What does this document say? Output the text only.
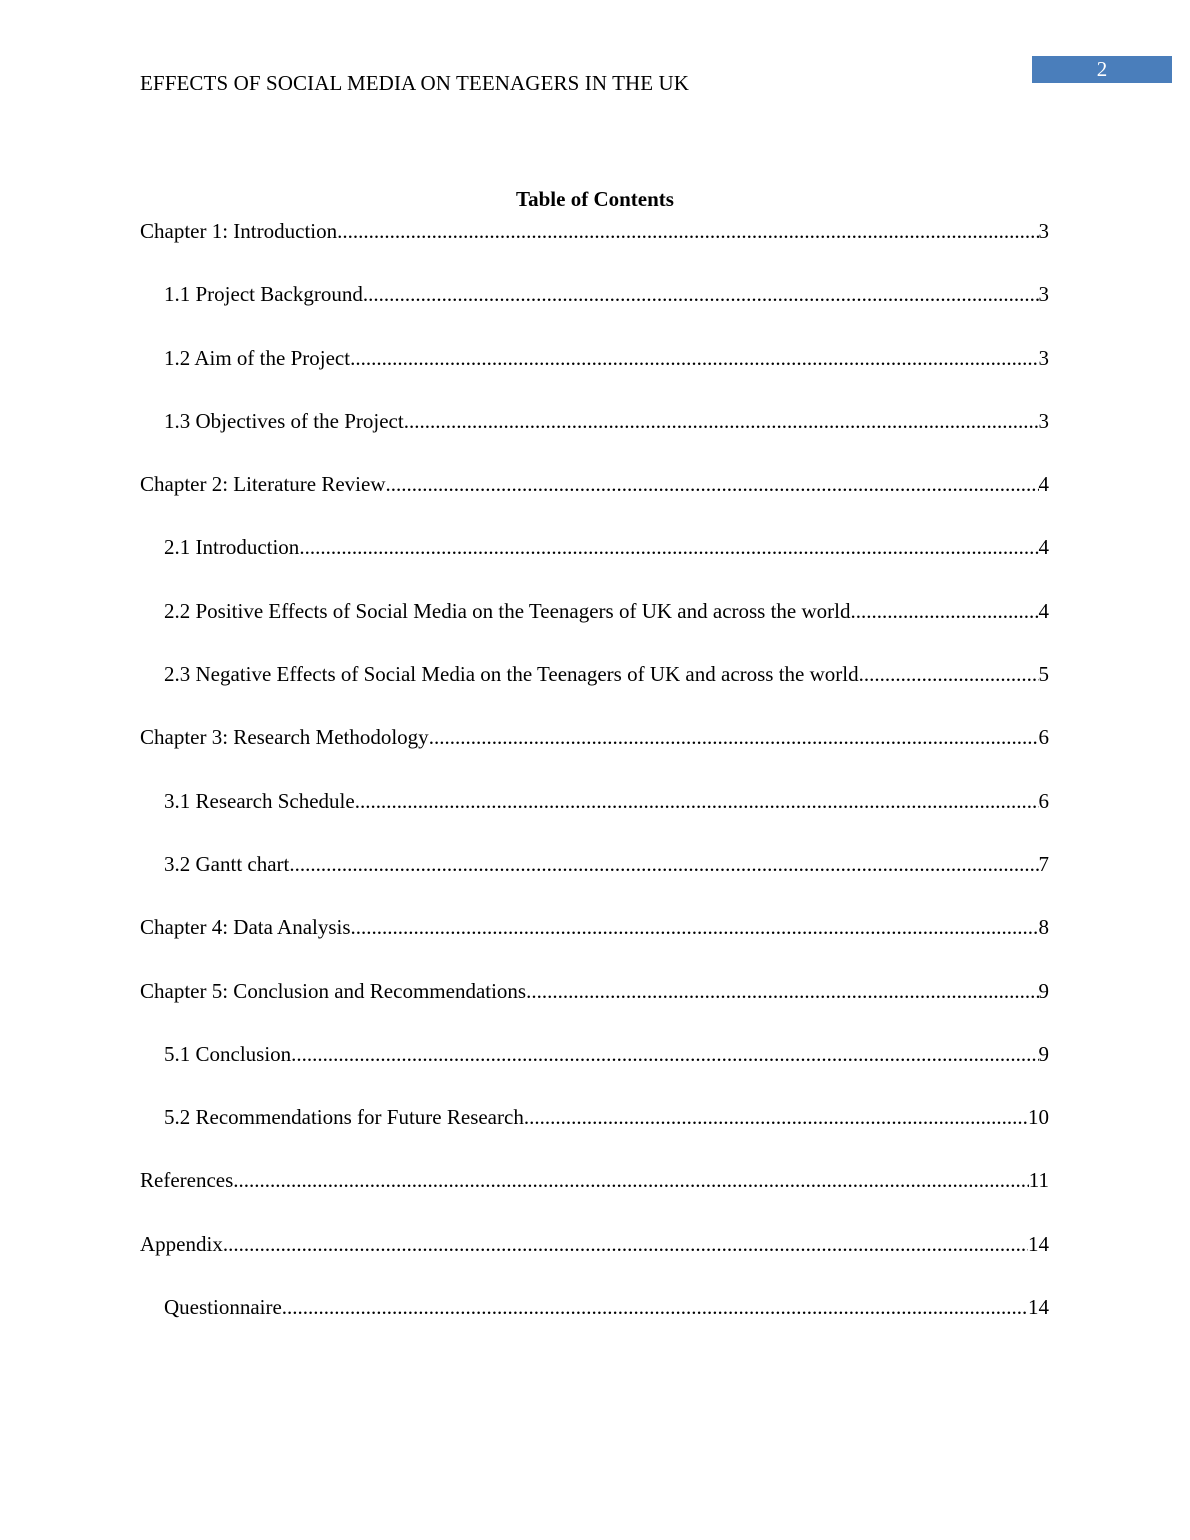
EFFECTS OF SOCIAL MEDIA ON TEENAGERS IN THE UK
2
Table of Contents
Chapter 1: Introduction .....	3
1.1 Project Background .....	3
1.2 Aim of the Project .....	3
1.3 Objectives of the Project .....	3
Chapter 2: Literature Review .....	4
2.1 Introduction .....	4
2.2 Positive Effects of Social Media on the Teenagers of UK and across the world .....	4
2.3 Negative Effects of Social Media on the Teenagers of UK and across the world .....	5
Chapter 3: Research Methodology .....	6
3.1 Research Schedule .....	6
3.2 Gantt chart .....	7
Chapter 4: Data Analysis .....	8
Chapter 5: Conclusion and Recommendations .....	9
5.1 Conclusion .....	9
5.2 Recommendations for Future Research .....	10
References .....	11
Appendix .....	14
Questionnaire .....	14
